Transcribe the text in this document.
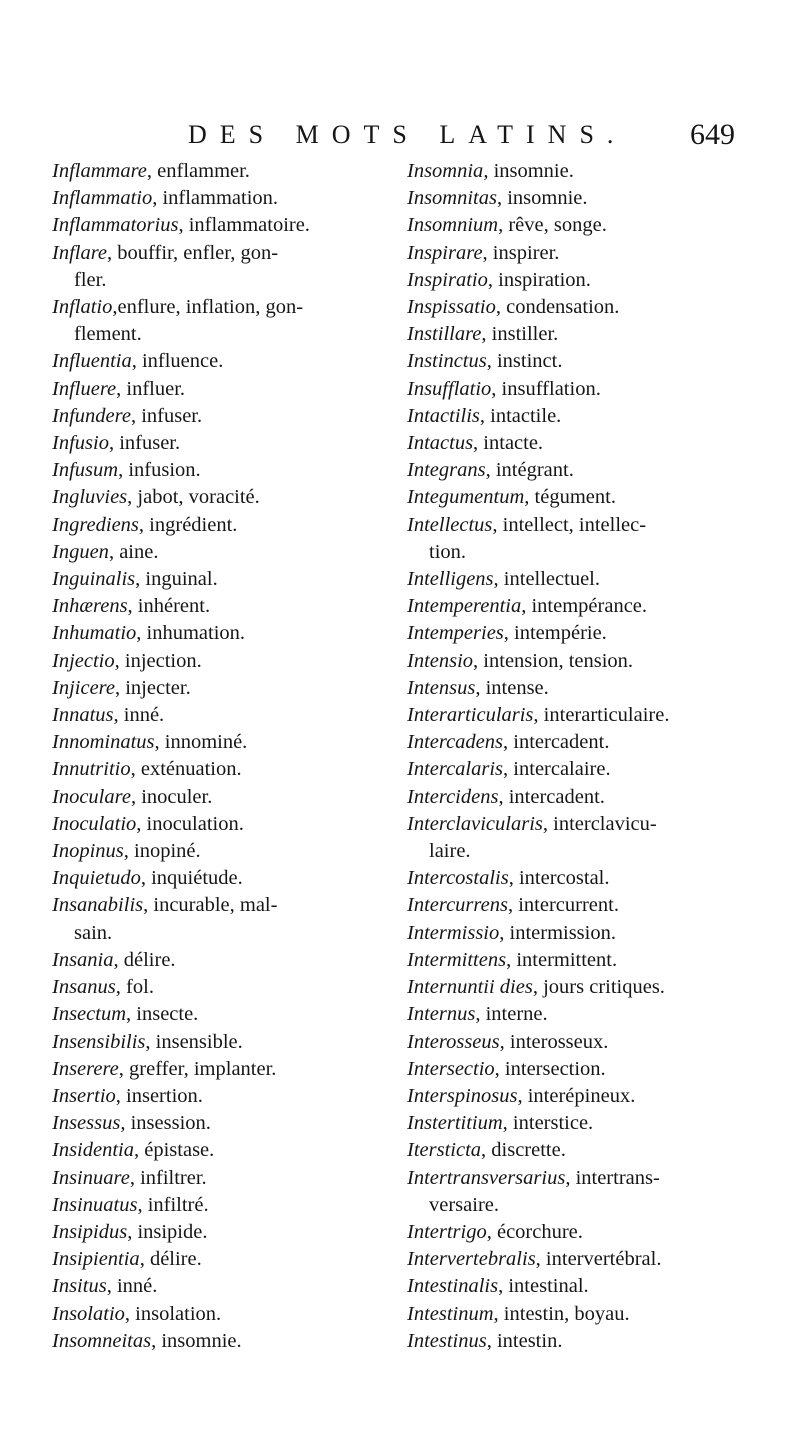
DES MOTS LATINS. 649
Inflammare, enflammer.
Inflammatio, inflammation.
Inflammatorius, inflammatoire.
Inflare, bouffir, enfler, gon-
fler.
Inflatio,enflure, inflation, gon-
flement.
Influentia, influence.
Influere, influer.
Infundere, infuser.
Infusio, infuser.
Infusum, infusion.
Ingluvies, jabot, voracité.
Ingrediens, ingrédient.
Inguen, aine.
Inguinalis, inguinal.
Inhærens, inhérent.
Inhumatio, inhumation.
Injectio, injection.
Injicere, injecter.
Innatus, inné.
Innominatus, innominé.
Innutritio, exténuation.
Inoculare, inoculer.
Inoculatio, inoculation.
Inopinus, inopiné.
Inquietudo, inquiétude.
Insanabilis, incurable, mal-
sain.
Insania, délire.
Insanus, fol.
Insectum, insecte.
Insensibilis, insensible.
Inserere, greffer, implanter.
Insertio, insertion.
Insessus, insession.
Insidentia, épistase.
Insinuare, infiltrer.
Insinuatus, infiltré.
Insipidus, insipide.
Insipientia, délire.
Insitus, inné.
Insolatio, insolation.
Insomneitas, insomnie.
Insomnia, insomnie.
Insomnitas, insomnie.
Insomnium, rêve, songe.
Inspirare, inspirer.
Inspiratio, inspiration.
Inspissatio, condensation.
Instillare, instiller.
Instinctus, instinct.
Insufflatio, insufflation.
Intactilis, intactile.
Intactus, intacte.
Integrans, intégrant.
Integumentum, tégument.
Intellectus, intellect, intellec-
tion.
Intelligens, intellectuel.
Intemperentia, intempérance.
Intemperies, intempérie.
Intensio, intension, tension.
Intensus, intense.
Interarticularis, interarticulaire.
Intercadens, intercadent.
Intercalaris, intercalaire.
Intercidens, intercadent.
Interclavicularis, interclavicu-
laire.
Intercostalis, intercostal.
Intercurrens, intercurrent.
Intermissio, intermission.
Intermittens, intermittent.
Internuntii dies, jours critiques.
Internus, interne.
Interosseus, interosseux.
Intersectio, intersection.
Interspinosus, interépineux.
Instertitium, interstice.
Itersticta, discrette.
Intertransversarius, intertrans-
versaire.
Intertrigo, écorchure.
Intervertebralis, intervertébral.
Intestinalis, intestinal.
Intestinum, intestin, boyau.
Intestinus, intestin.
